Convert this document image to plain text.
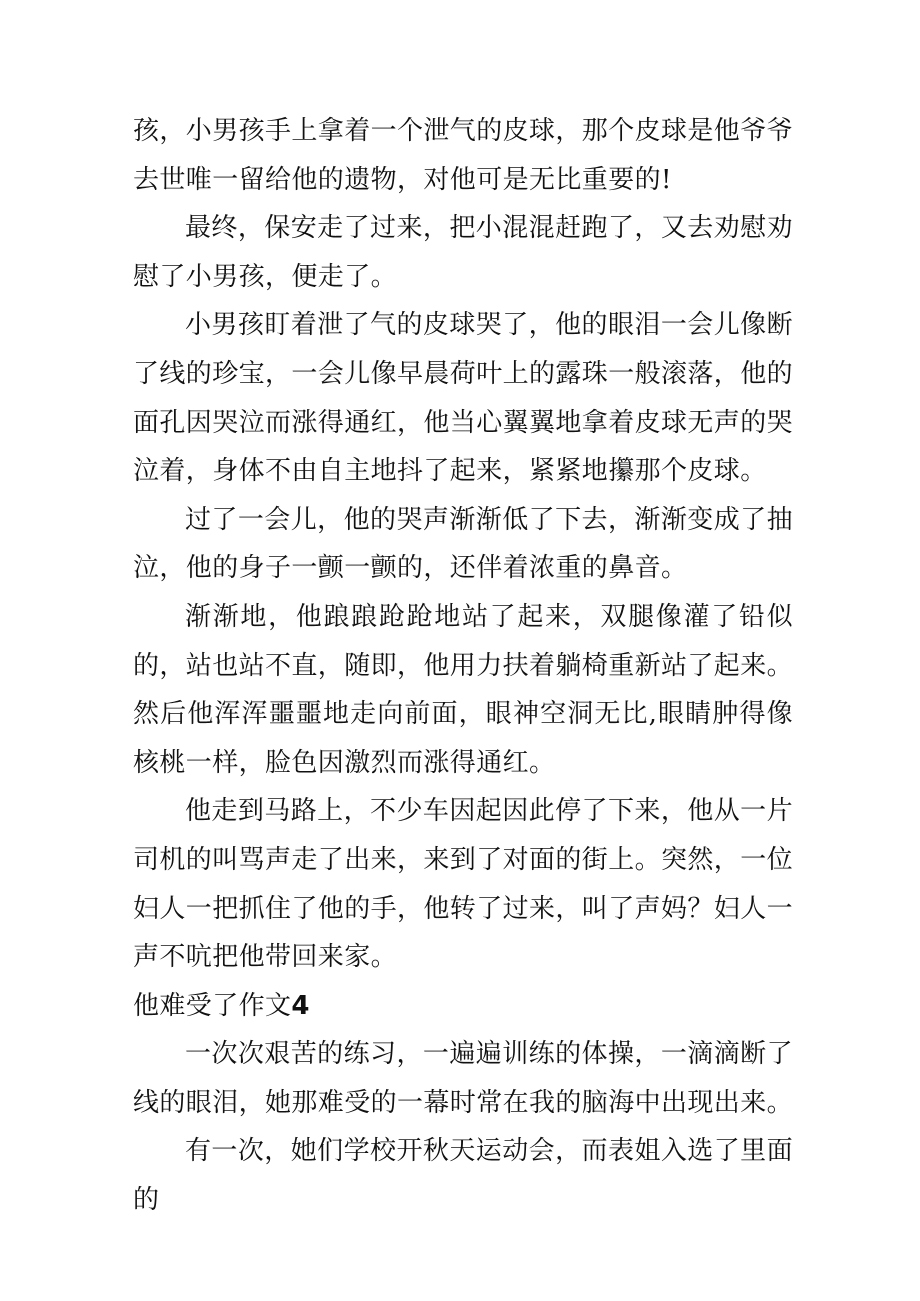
孩，小男孩手上拿着一个泄气的皮球，那个皮球是他爷爷去世唯一留给他的遗物，对他可是无比重要的!

最终，保安走了过来，把小混混赶跑了，又去劝慰劝慰了小男孩，便走了。

小男孩盯着泄了气的皮球哭了，他的眼泪一会儿像断了线的珍宝，一会儿像早晨荷叶上的露珠一般滚落，他的面孔因哭泣而涨得通红，他当心翼翼地拿着皮球无声的哭泣着，身体不由自主地抖了起来，紧紧地攥那个皮球。

过了一会儿，他的哭声渐渐低了下去，渐渐变成了抽泣，他的身子一颤一颤的，还伴着浓重的鼻音。

渐渐地，他踉踉跄跄地站了起来，双腿像灌了铅似的，站也站不直，随即，他用力扶着躺椅重新站了起来。然后他浑浑噩噩地走向前面，眼神空洞无比,眼睛肿得像核桃一样，脸色因激烈而涨得通红。

他走到马路上，不少车因起因此停了下来，他从一片司机的叫骂声走了出来，来到了对面的街上。突然，一位妇人一把抓住了他的手，他转了过来，叫了声妈？妇人一声不吭把他带回来家。

他难受了作文4

一次次艰苦的练习，一遍遍训练的体操，一滴滴断了线的眼泪，她那难受的一幕时常在我的脑海中出现出来。

有一次，她们学校开秋天运动会，而表姐入选了里面的
